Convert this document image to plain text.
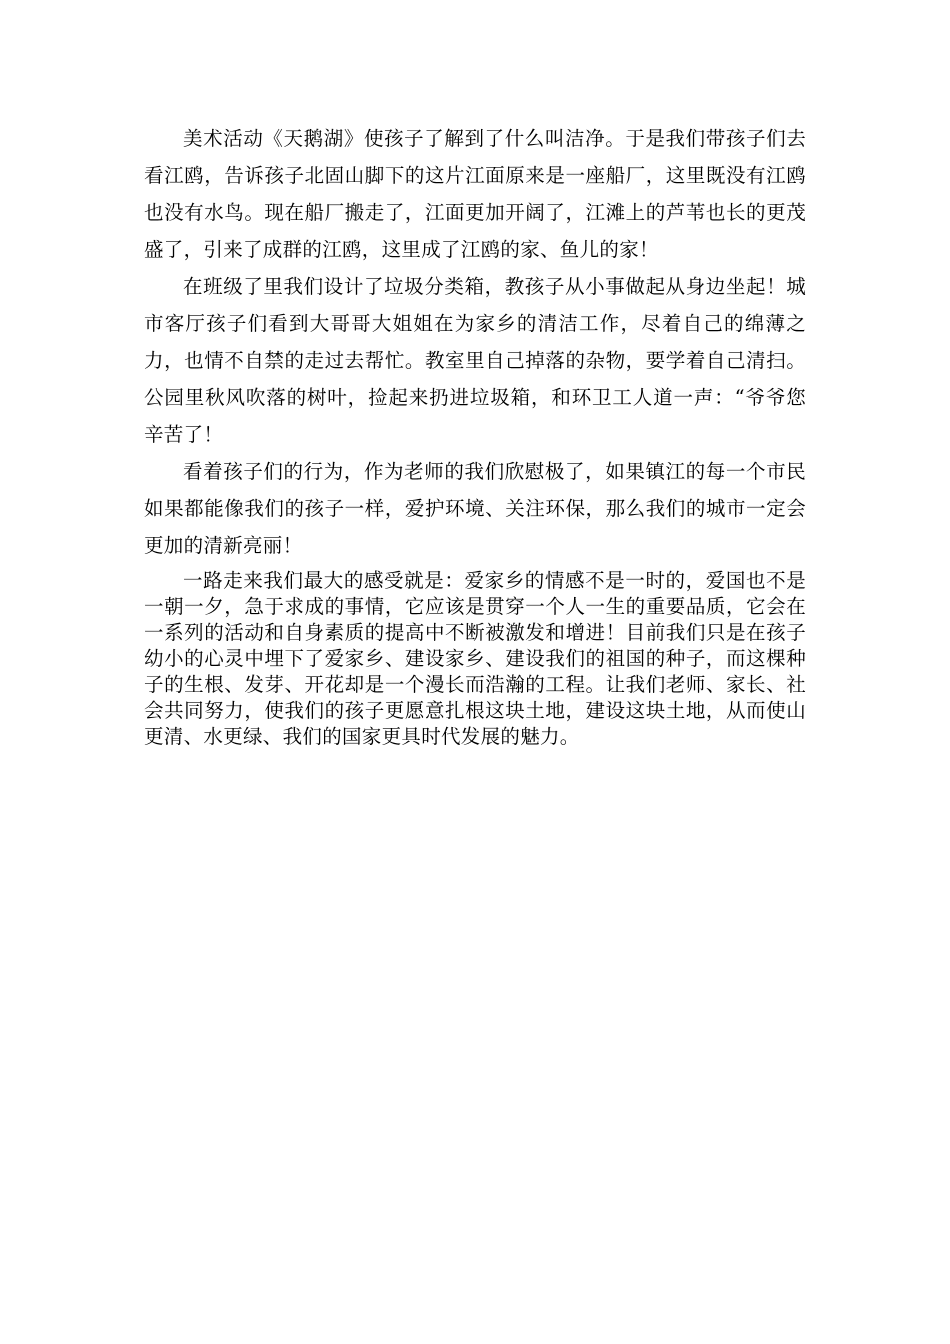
美术活动《天鹅湖》使孩子了解到了什么叫洁净。于是我们带孩子们去看江鸥，告诉孩子北固山脚下的这片江面原来是一座船厂，这里既没有江鸥也没有水鸟。现在船厂搬走了，江面更加开阔了，江滩上的芦苇也长的更茂盛了，引来了成群的江鸥，这里成了江鸥的家、鱼儿的家！

在班级了里我们设计了垃圾分类箱，教孩子从小事做起从身边坐起！城市客厅孩子们看到大哥哥大姐姐在为家乡的清洁工作，尽着自己的绵薄之力，也情不自禁的走过去帮忙。教室里自己掉落的杂物，要学着自己清扫。公园里秋风吹落的树叶，捡起来扔进垃圾箱，和环卫工人道一声：“爷爷您辛苦了！

看着孩子们的行为，作为老师的我们欣慰极了，如果镇江的每一个市民如果都能像我们的孩子一样，爱护环境、关注环保，那么我们的城市一定会更加的清新亮丽！

一路走来我们最大的感受就是：爱家乡的情感不是一时的，爱国也不是一朝一夕，急于求成的事情，它应该是贯穿一个人一生的重要品质，它会在一系列的活动和自身素质的提高中不断被激发和增进！目前我们只是在孩子幼小的心灵中埋下了爱家乡、建设家乡、建设我们的祖国的种子，而这棵种子的生根、发芽、开花却是一个漫长而浩瀚的工程。让我们老师、家长、社会共同努力，使我们的孩子更愿意扎根这块土地，建设这块土地，从而使山更清、水更绿、我们的国家更具时代发展的魅力。
